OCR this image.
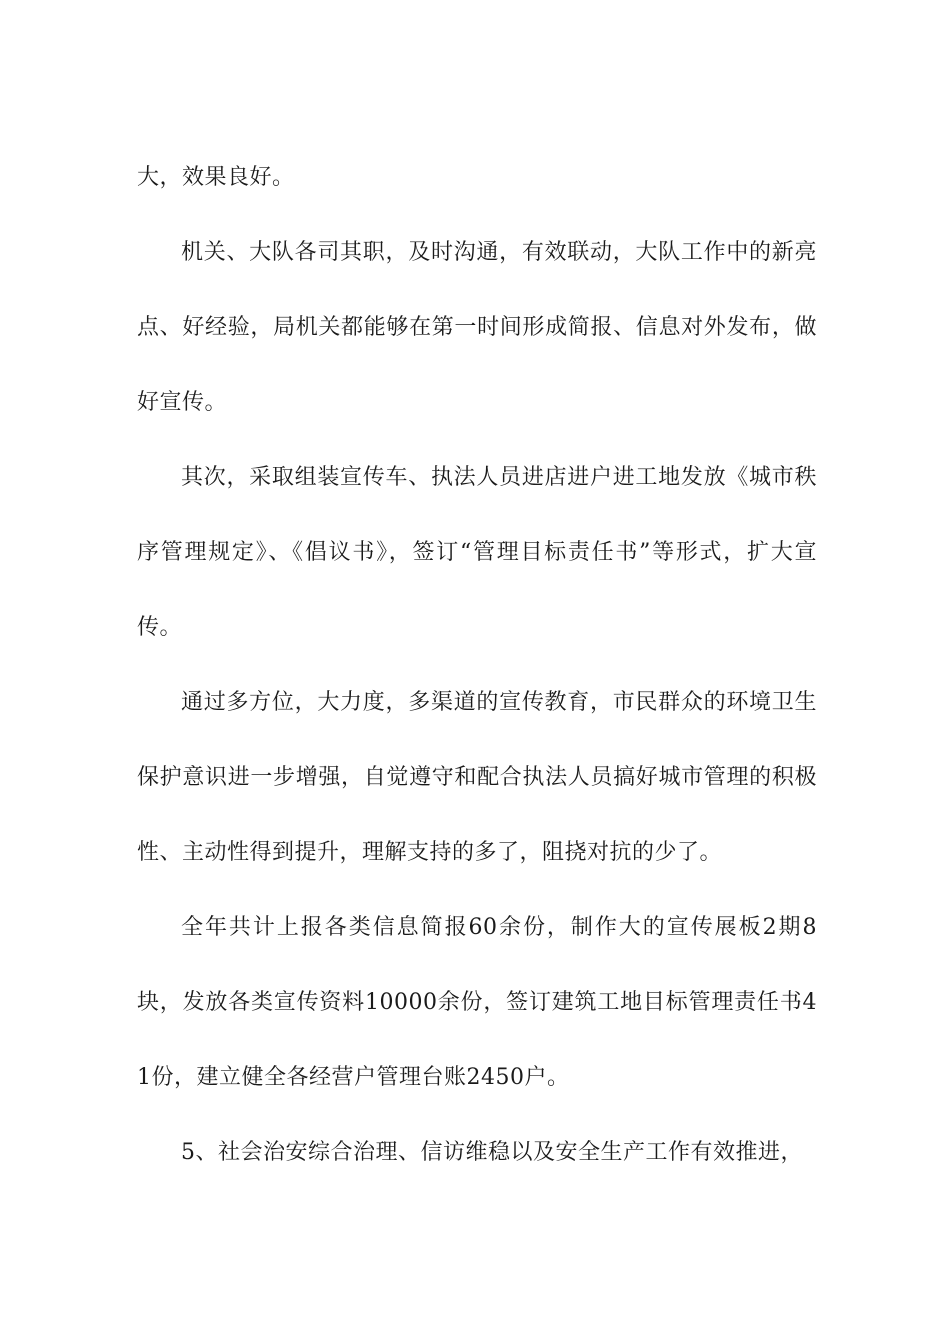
大，效果良好。

机关、大队各司其职，及时沟通，有效联动，大队工作中的新亮点、好经验，局机关都能够在第一时间形成简报、信息对外发布，做好宣传。

其次，采取组装宣传车、执法人员进店进户进工地发放《城市秩序管理规定》、《倡议书》，签订“管理目标责任书”等形式，扩大宣传。

通过多方位，大力度，多渠道的宣传教育，市民群众的环境卫生保护意识进一步增强，自觉遵守和配合执法人员搞好城市管理的积极性、主动性得到提升，理解支持的多了，阻挠对抗的少了。

全年共计上报各类信息简报60余份，制作大的宣传展板2期8块，发放各类宣传资料10000余份，签订建筑工地目标管理责任书41份，建立健全各经营户管理台账2450户。

5、社会治安综合治理、信访维稳以及安全生产工作有效推进，
